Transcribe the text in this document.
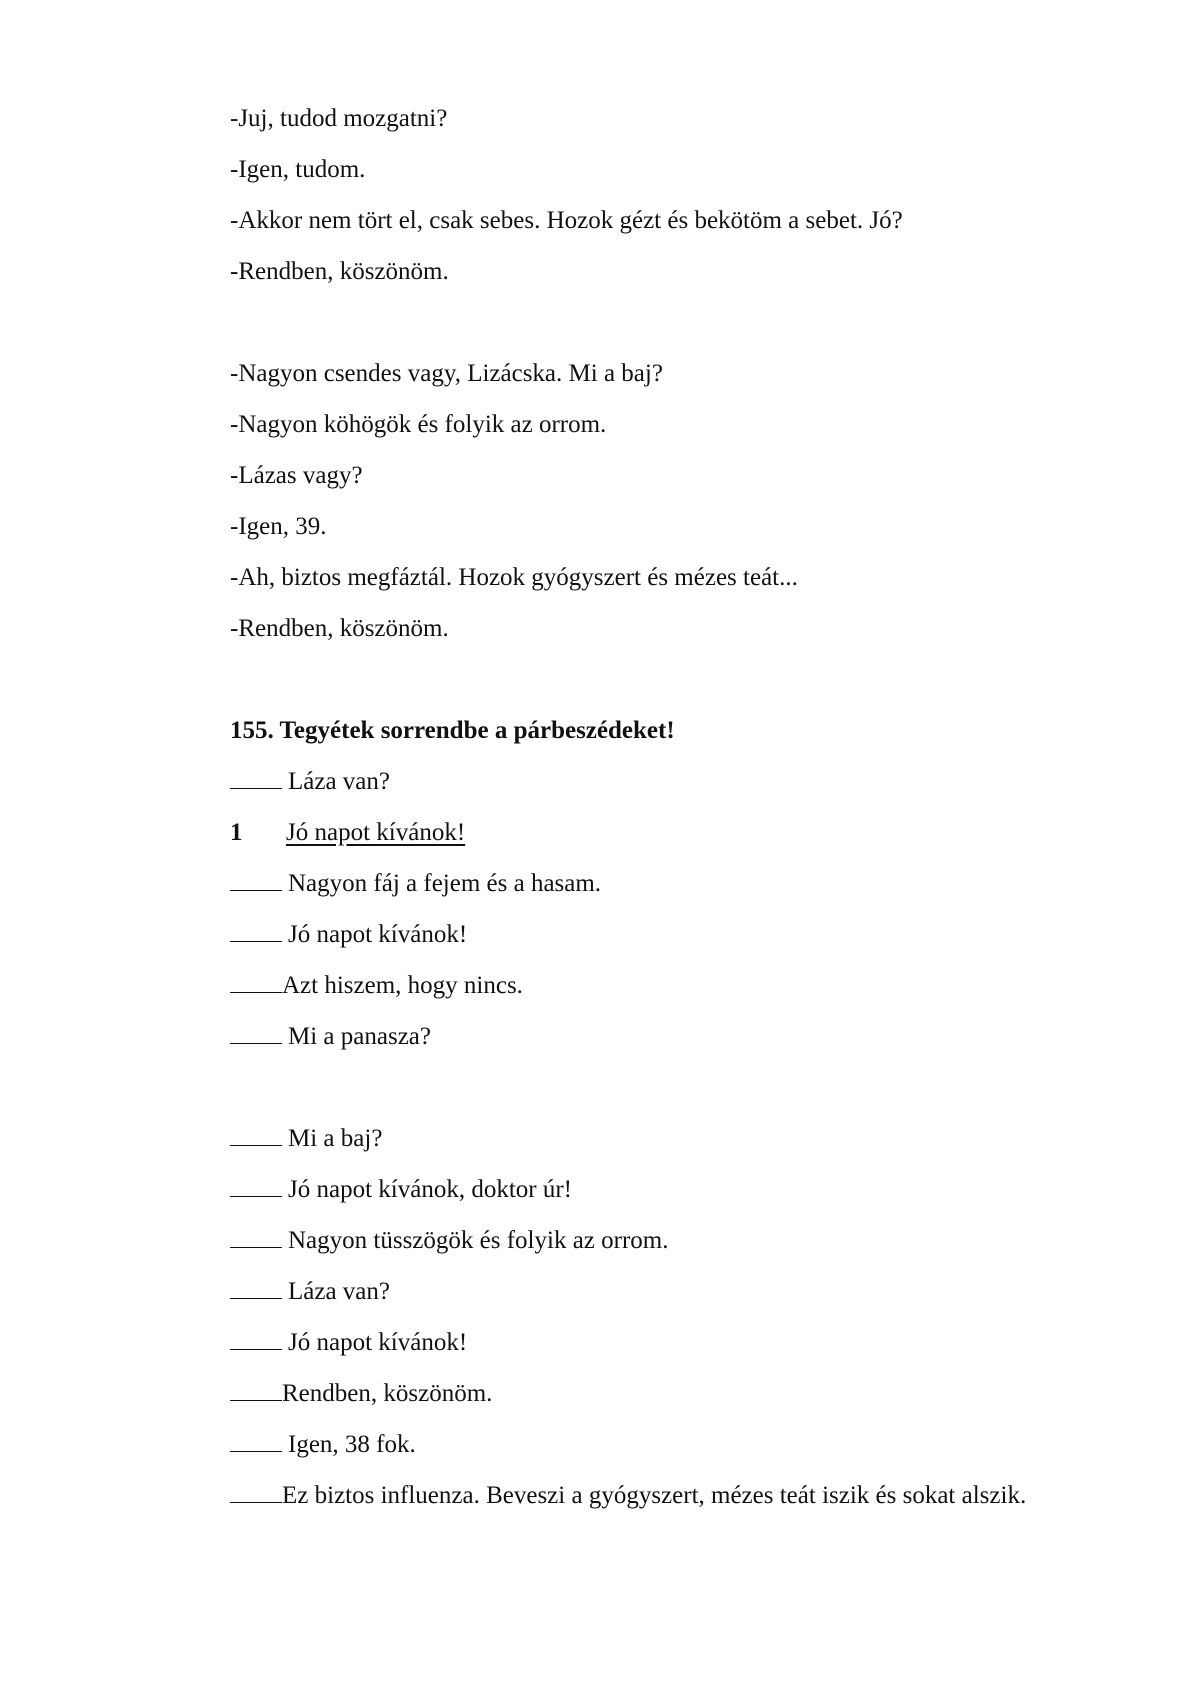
-Juj, tudod mozgatni?
-Igen, tudom.
-Akkor nem tört el, csak sebes. Hozok gézt és bekötöm a sebet. Jó?
-Rendben, köszönöm.
-Nagyon csendes vagy, Lizácska. Mi a baj?
-Nagyon köhögök és folyik az orrom.
-Lázas vagy?
-Igen, 39.
-Ah, biztos megfáztál. Hozok gyógyszert és mézes teát...
-Rendben, köszönöm.
155. Tegyétek sorrendbe a párbeszédeket!
Láza van?
1 Jó napot kívánok!
Nagyon fáj a fejem és a hasam.
Jó napot kívánok!
Azt hiszem, hogy nincs.
Mi a panasza?
Mi a baj?
Jó napot kívánok, doktor úr!
Nagyon tüsszögök és folyik az orrom.
Láza van?
Jó napot kívánok!
Rendben, köszönöm.
Igen, 38 fok.
Ez biztos influenza. Beveszi a gyógyszert, mézes teát iszik és sokat alszik.
